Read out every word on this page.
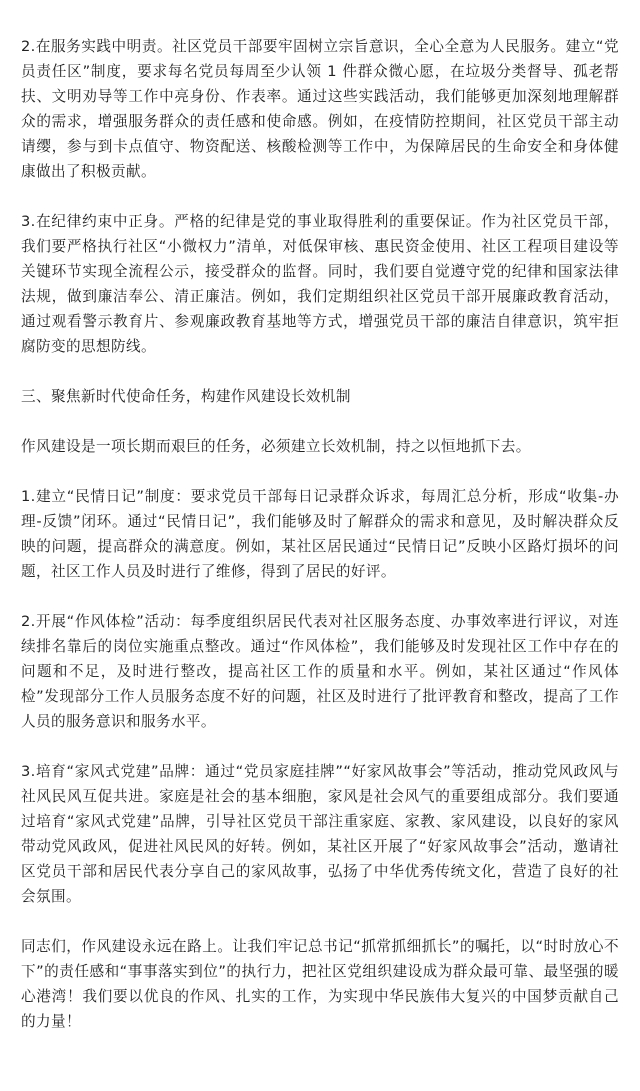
2.在服务实践中明责。社区党员干部要牢固树立宗旨意识，全心全意为人民服务。建立“党员责任区”制度，要求每名党员每周至少认领 1 件群众微心愿，在垃圾分类督导、孤老帮扶、文明劝导等工作中亮身份、作表率。通过这些实践活动，我们能够更加深刻地理解群众的需求，增强服务群众的责任感和使命感。例如，在疫情防控期间，社区党员干部主动请缨，参与到卡点值守、物资配送、核酸检测等工作中，为保障居民的生命安全和身体健康做出了积极贡献。

3.在纪律约束中正身。严格的纪律是党的事业取得胜利的重要保证。作为社区党员干部，我们要严格执行社区“小微权力”清单，对低保审核、惠民资金使用、社区工程项目建设等关键环节实现全流程公示，接受群众的监督。同时，我们要自觉遵守党的纪律和国家法律法规，做到廉洁奉公、清正廉洁。例如，我们定期组织社区党员干部开展廉政教育活动，通过观看警示教育片、参观廉政教育基地等方式，增强党员干部的廉洁自律意识，筑牢拒腐防变的思想防线。

三、聚焦新时代使命任务，构建作风建设长效机制

作风建设是一项长期而艰巨的任务，必须建立长效机制，持之以恒地抓下去。

1.建立“民情日记”制度：要求党员干部每日记录群众诉求，每周汇总分析，形成“收集-办理-反馈”闭环。通过“民情日记”，我们能够及时了解群众的需求和意见，及时解决群众反映的问题，提高群众的满意度。例如，某社区居民通过“民情日记”反映小区路灯损坏的问题，社区工作人员及时进行了维修，得到了居民的好评。

2.开展“作风体检”活动：每季度组织居民代表对社区服务态度、办事效率进行评议，对连续排名靠后的岗位实施重点整改。通过“作风体检”，我们能够及时发现社区工作中存在的问题和不足，及时进行整改，提高社区工作的质量和水平。例如，某社区通过“作风体检”发现部分工作人员服务态度不好的问题，社区及时进行了批评教育和整改，提高了工作人员的服务意识和服务水平。

3.培育“家风式党建”品牌：通过“党员家庭挂牌”“好家风故事会”等活动，推动党风政风与社风民风互促共进。家庭是社会的基本细胞，家风是社会风气的重要组成部分。我们要通过培育“家风式党建”品牌，引导社区党员干部注重家庭、家教、家风建设，以良好的家风带动党风政风，促进社风民风的好转。例如，某社区开展了“好家风故事会”活动，邀请社区党员干部和居民代表分享自己的家风故事，弘扬了中华优秀传统文化，营造了良好的社会氛围。

同志们，作风建设永远在路上。让我们牢记总书记“抓常抓细抓长”的嘱托，以“时时放心不下”的责任感和“事事落实到位”的执行力，把社区党组织建设成为群众最可靠、最坚强的暖心港湾！我们要以优良的作风、扎实的工作，为实现中华民族伟大复兴的中国梦贡献自己的力量！
